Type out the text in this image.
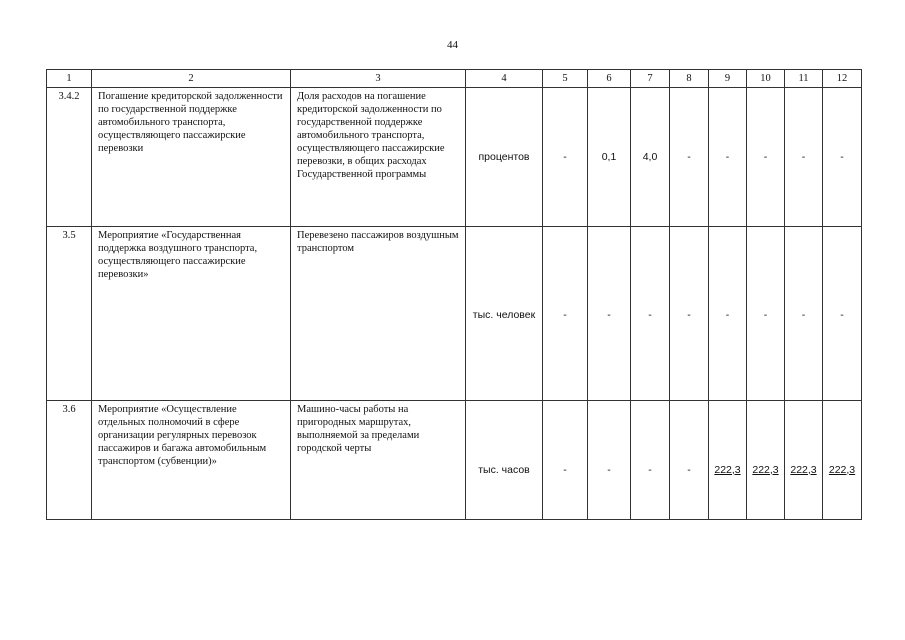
44
1	2	3	4	5	6	7	8	9	10	11	12
3.4.2	Погашение кредиторской задолженности по государственной поддержке автомобильного транспорта, осуществляющего пассажирские перевозки	Доля расходов на погашение кредиторской задолженности по государственной поддержке автомобильного транспорта, осуществляющего пассажирские перевозки, в общих расходах Государственной программы	процентов	-	0,1	4,0	-	-	-	-	-
3.5	Мероприятие «Государственная поддержка воздушного транспорта, осуществляющего пассажирские перевозки»	Перевезено пассажиров воздушным транспортом	тыс. человек	-	-	-	-	-	-	-	-
3.6	Мероприятие «Осуществление отдельных полномочий в сфере организации регулярных перевозок пассажиров и багажа автомобильным транспортом (субвенции)»	Машино-часы работы на пригородных маршрутах, выполняемой за пределами городской черты	тыс. часов	-	-	-	-	222,3	222,3	222,3	222,3
